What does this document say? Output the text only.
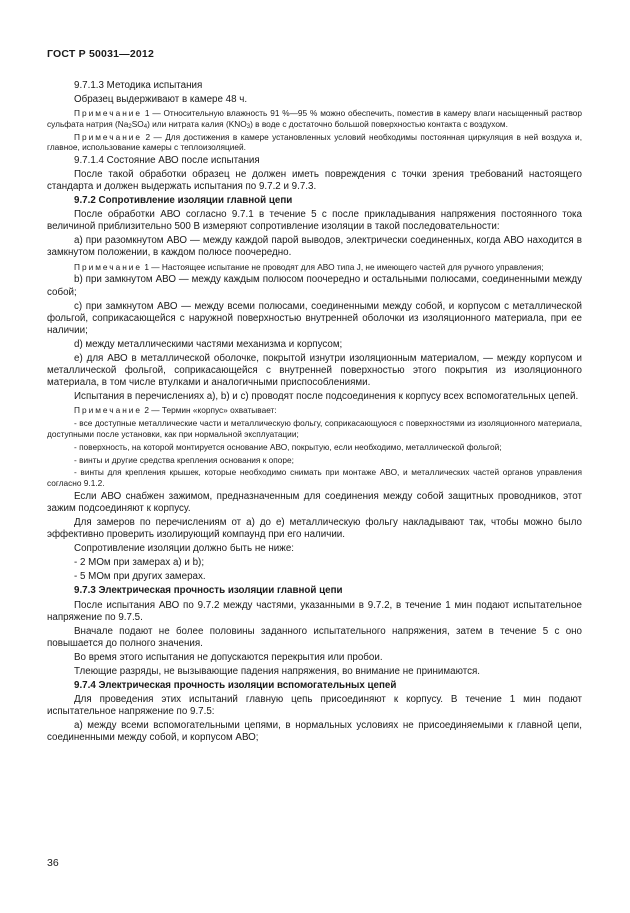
ГОСТ Р 50031—2012

9.7.1.3 Методика испытания

Образец выдерживают в камере 48 ч.

Примечание 1 — Относительную влажность 91 %—95 % можно обеспечить, поместив в камеру влаги насыщенный раствор сульфата натрия $(Na_2SO_4)$ или нитрата калия $(KNO_3)$ в воде с достаточно большой поверхностью контакта с воздухом.

Примечание 2 — Для достижения в камере установленных условий необходимы постоянная циркуляция в ней воздуха и, главное, использование камеры с теплоизоляцией.

9.7.1.4 Состояние АВО после испытания

После такой обработки образец не должен иметь повреждения с точки зрения требований настоящего стандарта и должен выдержать испытания по 9.7.2 и 9.7.3.

9.7.2 Сопротивление изоляции главной цепи

После обработки АВО согласно 9.7.1 в течение 5 с после прикладывания напряжения постоянного тока величиной приблизительно 500 В измеряют сопротивление изоляции в такой последовательности:

а) при разомкнутом АВО — между каждой парой выводов, электрически соединенных, когда АВО находится в замкнутом положении, в каждом полюсе поочередно.

Примечание 1 — Настоящее испытание не проводят для АВО типа J, не имеющего частей для ручного управления;

b) при замкнутом АВО — между каждым полюсом поочередно и остальными полюсами, соединенными между собой;

c) при замкнутом АВО — между всеми полюсами, соединенными между собой, и корпусом с металлической фольгой, соприкасающейся с наружной поверхностью внутренней оболочки из изоляционного материала, при ее наличии;

d) между металлическими частями механизма и корпусом;

е) для АВО в металлической оболочке, покрытой изнутри изоляционным материалом, — между корпусом и металлической фольгой, соприкасающейся с внутренней поверхностью этого покрытия из изоляционного материала, в том числе втулками и аналогичными приспособлениями.

Испытания в перечислениях а), b) и c) проводят после подсоединения к корпусу всех вспомогательных цепей.

Примечание 2 — Термин «корпус» охватывает:

- все доступные металлические части и металлическую фольгу, соприкасающуюся с поверхностями из изоляционного материала, доступными после установки, как при нормальной эксплуатации;

- поверхность, на которой монтируется основание АВО, покрытую, если необходимо, металлической фольгой;

- винты и другие средства крепления основания к опоре;

- винты для крепления крышек, которые необходимо снимать при монтаже АВО, и металлических частей органов управления согласно 9.1.2.

Если АВО снабжен зажимом, предназначенным для соединения между собой защитных проводников, этот зажим подсоединяют к корпусу.

Для замеров по перечислениям от а) до е) металлическую фольгу накладывают так, чтобы можно было эффективно проверить изолирующий компаунд при его наличии.

Сопротивление изоляции должно быть не ниже:

- 2 МОм при замерах а) и b);

- 5 МОм при других замерах.

9.7.3 Электрическая прочность изоляции главной цепи

После испытания АВО по 9.7.2 между частями, указанными в 9.7.2, в течение 1 мин подают испытательное напряжение по 9.7.5.

Вначале подают не более половины заданного испытательного напряжения, затем в течение 5 с оно повышается до полного значения.

Во время этого испытания не допускаются перекрытия или пробои.

Тлеющие разряды, не вызывающие падения напряжения, во внимание не принимаются.

9.7.4 Электрическая прочность изоляции вспомогательных цепей

Для проведения этих испытаний главную цепь присоединяют к корпусу. В течение 1 мин подают испытательное напряжение по 9.7.5:

а) между всеми вспомогательными цепями, в нормальных условиях не присоединяемыми к главной цепи, соединенными между собой, и корпусом АВО;

36
